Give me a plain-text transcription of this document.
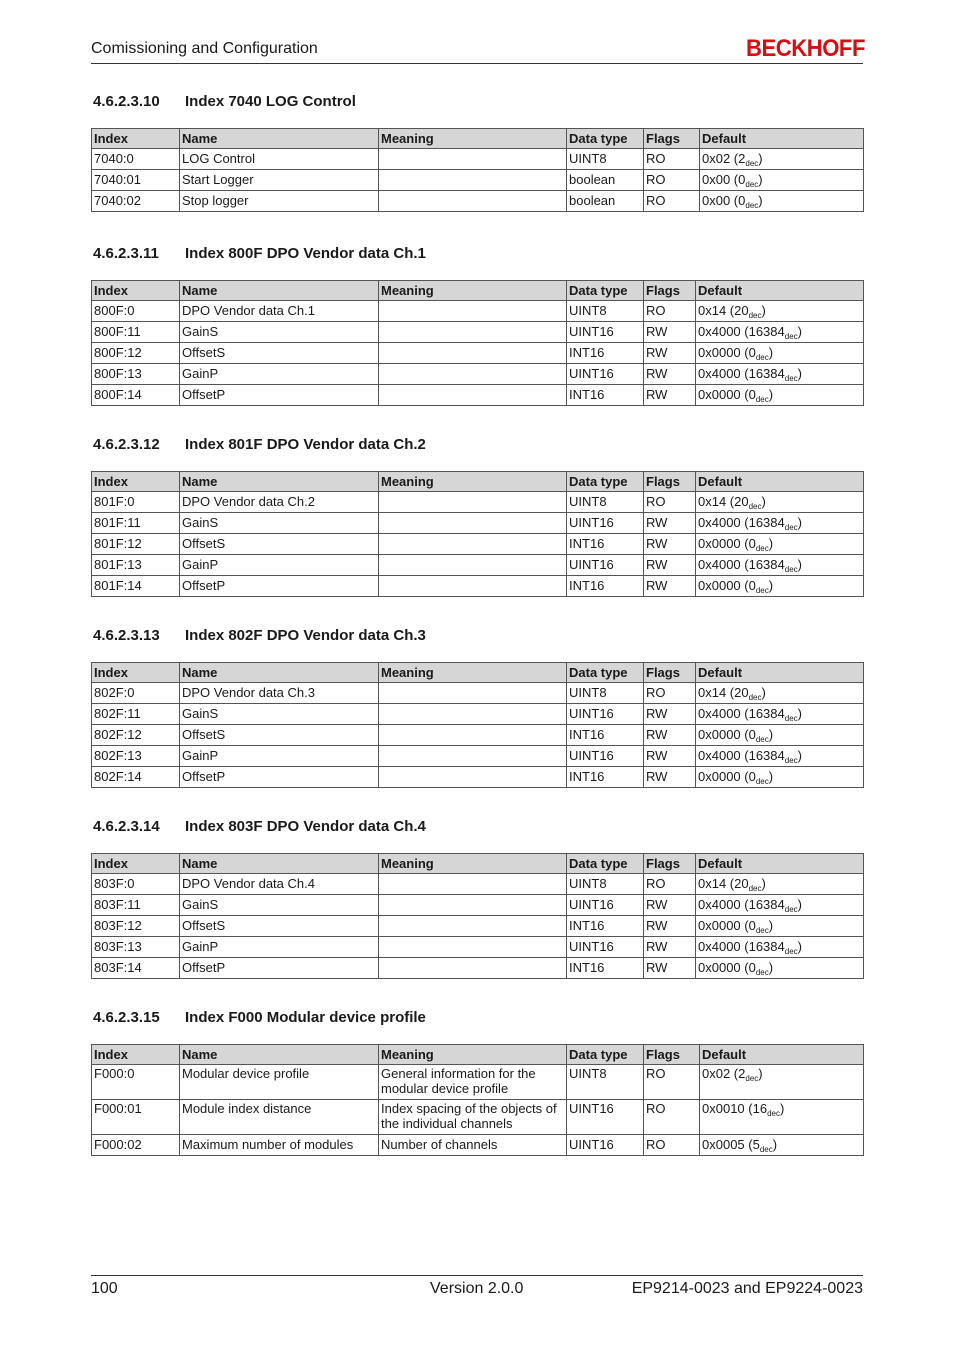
Comissioning and Configuration	BECKHOFF
4.6.2.3.10 Index 7040 LOG Control
Index	Name	Meaning	Data type	Flags	Default
7040:0	LOG Control		UINT8	RO	0x02 $(2_{dec})$
7040:01	Start Logger		boolean	RO	0x00 $(0_{dec})$
7040:02	Stop logger		boolean	RO	0x00 $(0_{dec})$
4.6.2.3.11 Index 800F DPO Vendor data Ch.1
Index	Name	Meaning	Data type	Flags	Default
800F:0	DPO Vendor data Ch.1		UINT8	RO	0x14 $(20_{dec})$
800F:11	GainS		UINT16	RW	0x4000 $(16384_{dec})$
800F:12	OffsetS		INT16	RW	0x0000 $(0_{dec})$
800F:13	GainP		UINT16	RW	0x4000 $(16384_{dec})$
800F:14	OffsetP		INT16	RW	0x0000 $(0_{dec})$
4.6.2.3.12 Index 801F DPO Vendor data Ch.2
Index	Name	Meaning	Data type	Flags	Default
801F:0	DPO Vendor data Ch.2		UINT8	RO	0x14 $(20_{dec})$
801F:11	GainS		UINT16	RW	0x4000 $(16384_{dec})$
801F:12	OffsetS		INT16	RW	0x0000 $(0_{dec})$
801F:13	GainP		UINT16	RW	0x4000 $(16384_{dec})$
801F:14	OffsetP		INT16	RW	0x0000 $(0_{dec})$
4.6.2.3.13 Index 802F DPO Vendor data Ch.3
Index	Name	Meaning	Data type	Flags	Default
802F:0	DPO Vendor data Ch.3		UINT8	RO	0x14 $(20_{dec})$
802F:11	GainS		UINT16	RW	0x4000 $(16384_{dec})$
802F:12	OffsetS		INT16	RW	0x0000 $(0_{dec})$
802F:13	GainP		UINT16	RW	0x4000 $(16384_{dec})$
802F:14	OffsetP		INT16	RW	0x0000 $(0_{dec})$
4.6.2.3.14 Index 803F DPO Vendor data Ch.4
Index	Name	Meaning	Data type	Flags	Default
803F:0	DPO Vendor data Ch.4		UINT8	RO	0x14 $(20_{dec})$
803F:11	GainS		UINT16	RW	0x4000 $(16384_{dec})$
803F:12	OffsetS		INT16	RW	0x0000 $(0_{dec})$
803F:13	GainP		UINT16	RW	0x4000 $(16384_{dec})$
803F:14	OffsetP		INT16	RW	0x0000 $(0_{dec})$
4.6.2.3.15 Index F000 Modular device profile
Index	Name	Meaning	Data type	Flags	Default
F000:0	Modular device profile	General information for the modular device profile	UINT8	RO	0x02 $(2_{dec})$
F000:01	Module index distance	Index spacing of the objects of the individual channels	UINT16	RO	0x0010 $(16_{dec})$
F000:02	Maximum number of modules	Number of channels	UINT16	RO	0x0005 $(5_{dec})$
100	Version 2.0.0	EP9214-0023 and EP9224-0023
